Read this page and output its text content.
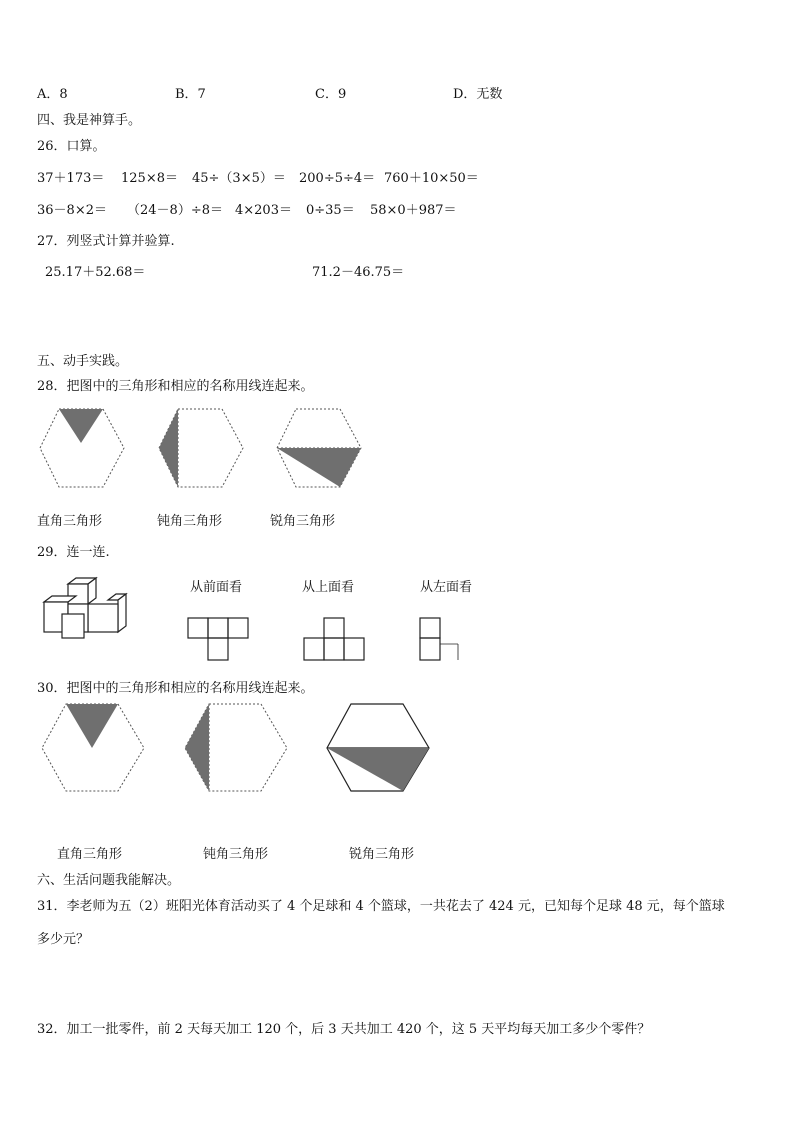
A．8	B．7	C．9	D．无数
四、我是神算手。
26．口算。
37＋173＝ 125×8＝ 45÷（3×5）＝ 200÷5÷4＝ 760＋10×50＝
36－8×2＝ （24－8）÷8＝ 4×203＝ 0÷35＝ 58×0＋987＝
27．列竖式计算并验算.
25.17＋52.68＝	71.2－46.75＝
五、动手实践。
28．把图中的三角形和相应的名称用线连起来。
直角三角形	钝角三角形	锐角三角形
29．连一连.
从前面看	从上面看	从左面看
30．把图中的三角形和相应的名称用线连起来。
直角三角形	钝角三角形	锐角三角形
六、生活问题我能解决。
31．李老师为五（2）班阳光体育活动买了 4 个足球和 4 个篮球，一共花去了 424 元，已知每个足球 48 元，每个篮球
多少元？
32．加工一批零件，前 2 天每天加工 120 个，后 3 天共加工 420 个，这 5 天平均每天加工多少个零件？
